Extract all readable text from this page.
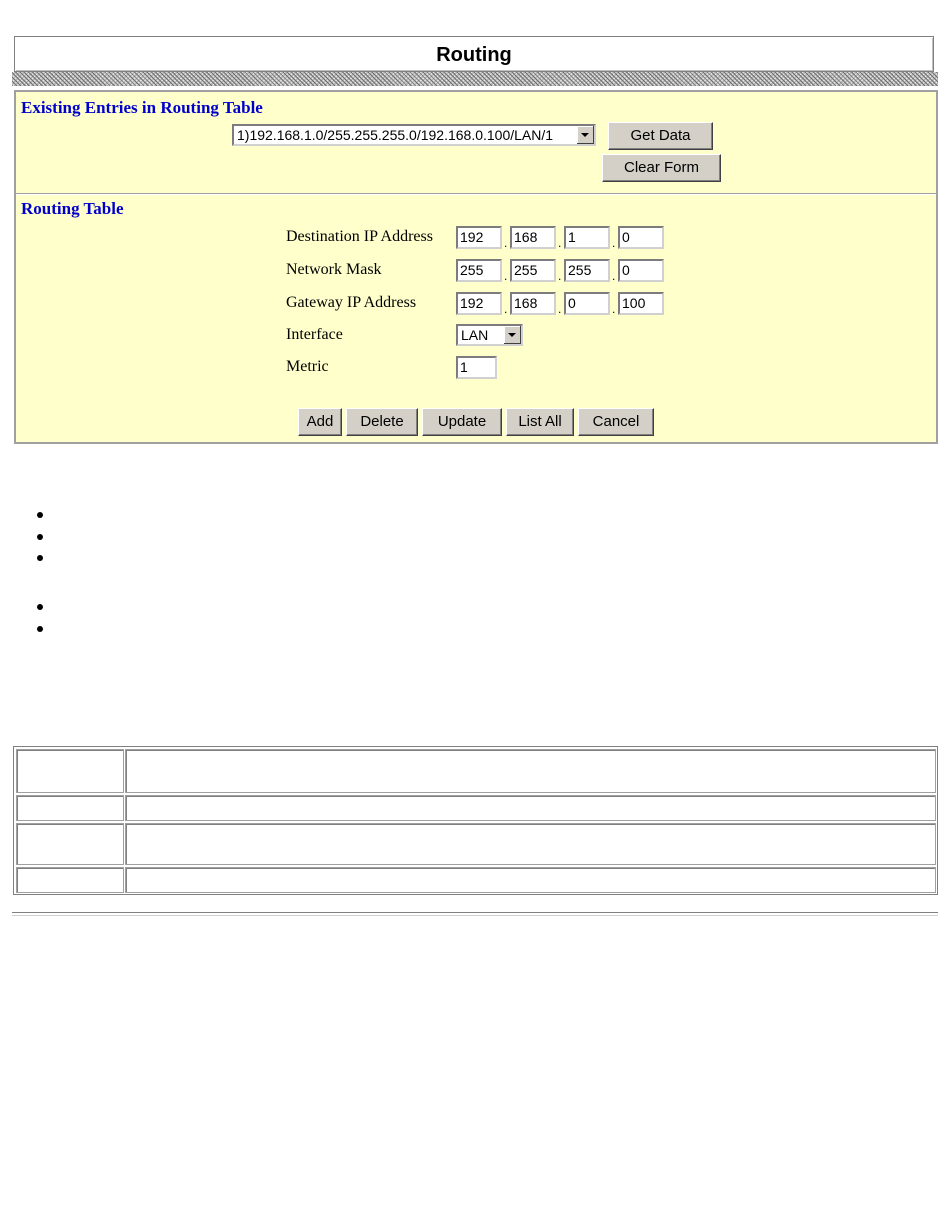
Routing
Existing Entries in Routing Table
1)192.168.1.0/255.255.255.0/192.168.0.100/LAN/1	Get Data
Clear Form
Routing Table
Destination IP Address 192	. 168	. 1	. 0
Network Mask	255	. 255	. 255	. 0
Gateway IP Address	192	. 168	. 0	. 100
Interface	LAN
Metric	1
Add	Delete	Update	List All	Cancel
